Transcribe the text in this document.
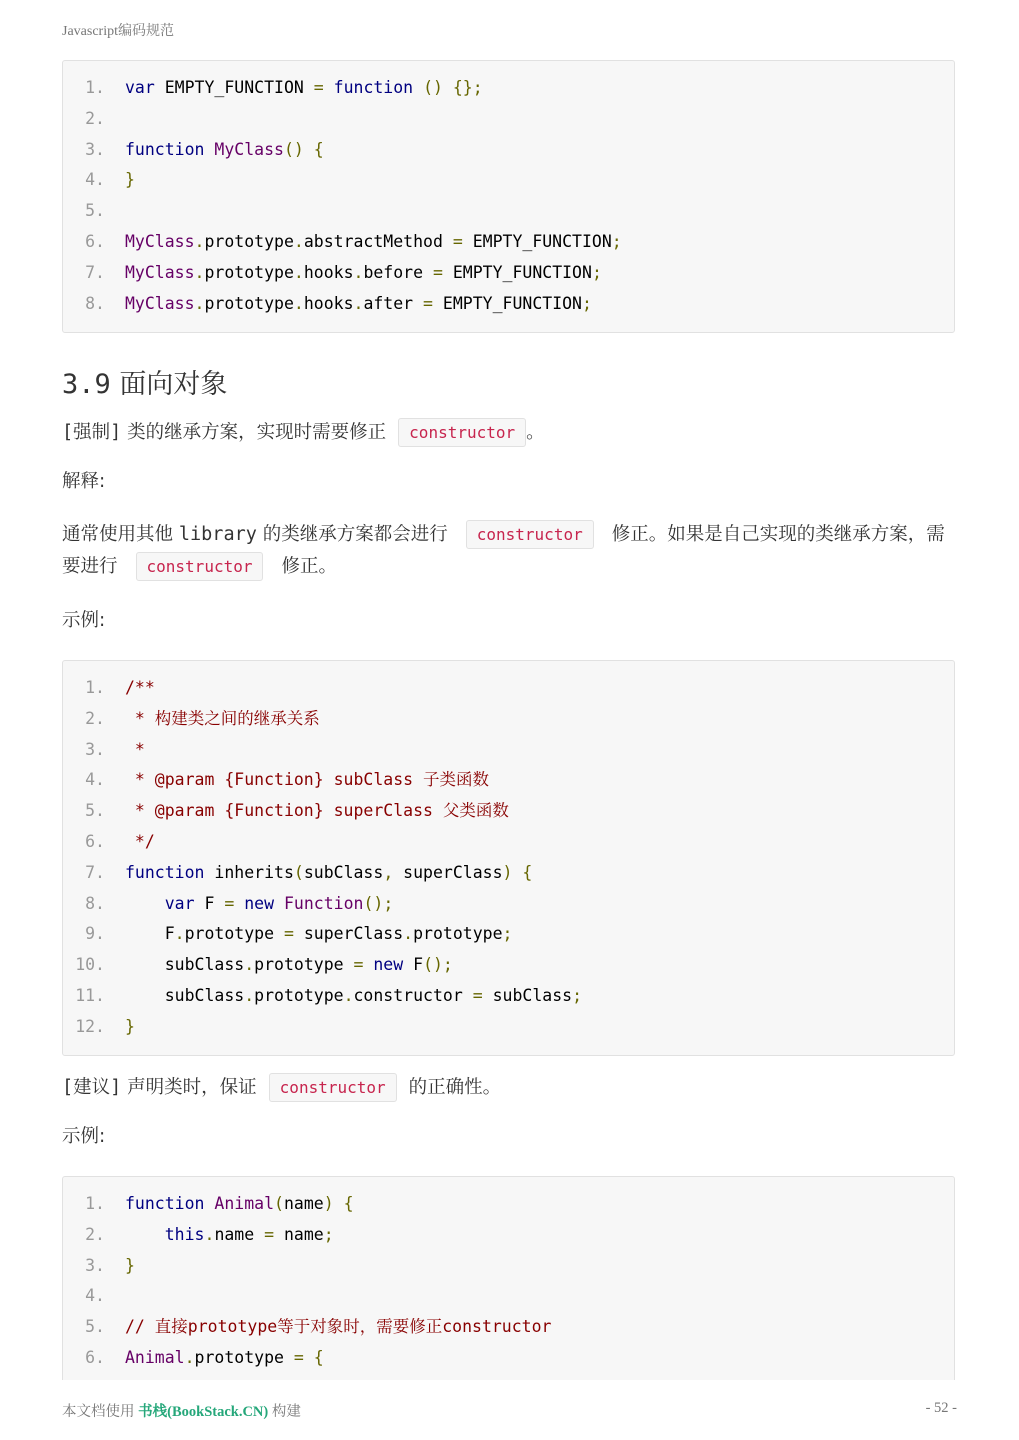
Javascript编码规范
1. var EMPTY_FUNCTION = function () {};
2.
3. function MyClass() {
4. }
5.
6. MyClass.prototype.abstractMethod = EMPTY_FUNCTION;
7. MyClass.prototype.hooks.before = EMPTY_FUNCTION;
8. MyClass.prototype.hooks.after = EMPTY_FUNCTION;
3.9 面向对象

[强制] 类的继承方案，实现时需要修正 constructor 。

解释:

通常使用其他 library 的类继承方案都会进行 constructor 修正。如果是自己实现的类继承方案，需要进行 constructor 修正。

示例:

1. /**
2. * 构建类之间的继承关系
3. *
4. * @param {Function} subClass 子类函数
5. * @param {Function} superClass 父类函数
6. */
7. function inherits(subClass, superClass) {
8.	var F = new Function();
9. F.prototype = superClass.prototype;
10. subClass.prototype = new F();
11. subClass.prototype.constructor = subClass;
12. }

[建议] 声明类时，保证 constructor 的正确性。

示例:

1. function Animal(name) {
2.	this.name = name;
3. }
4.
5. // 直接prototype等于对象时，需要修正constructor
6. Animal.prototype = {
本文档使用 书栈(BookStack.CN) 构建	- 52 -
